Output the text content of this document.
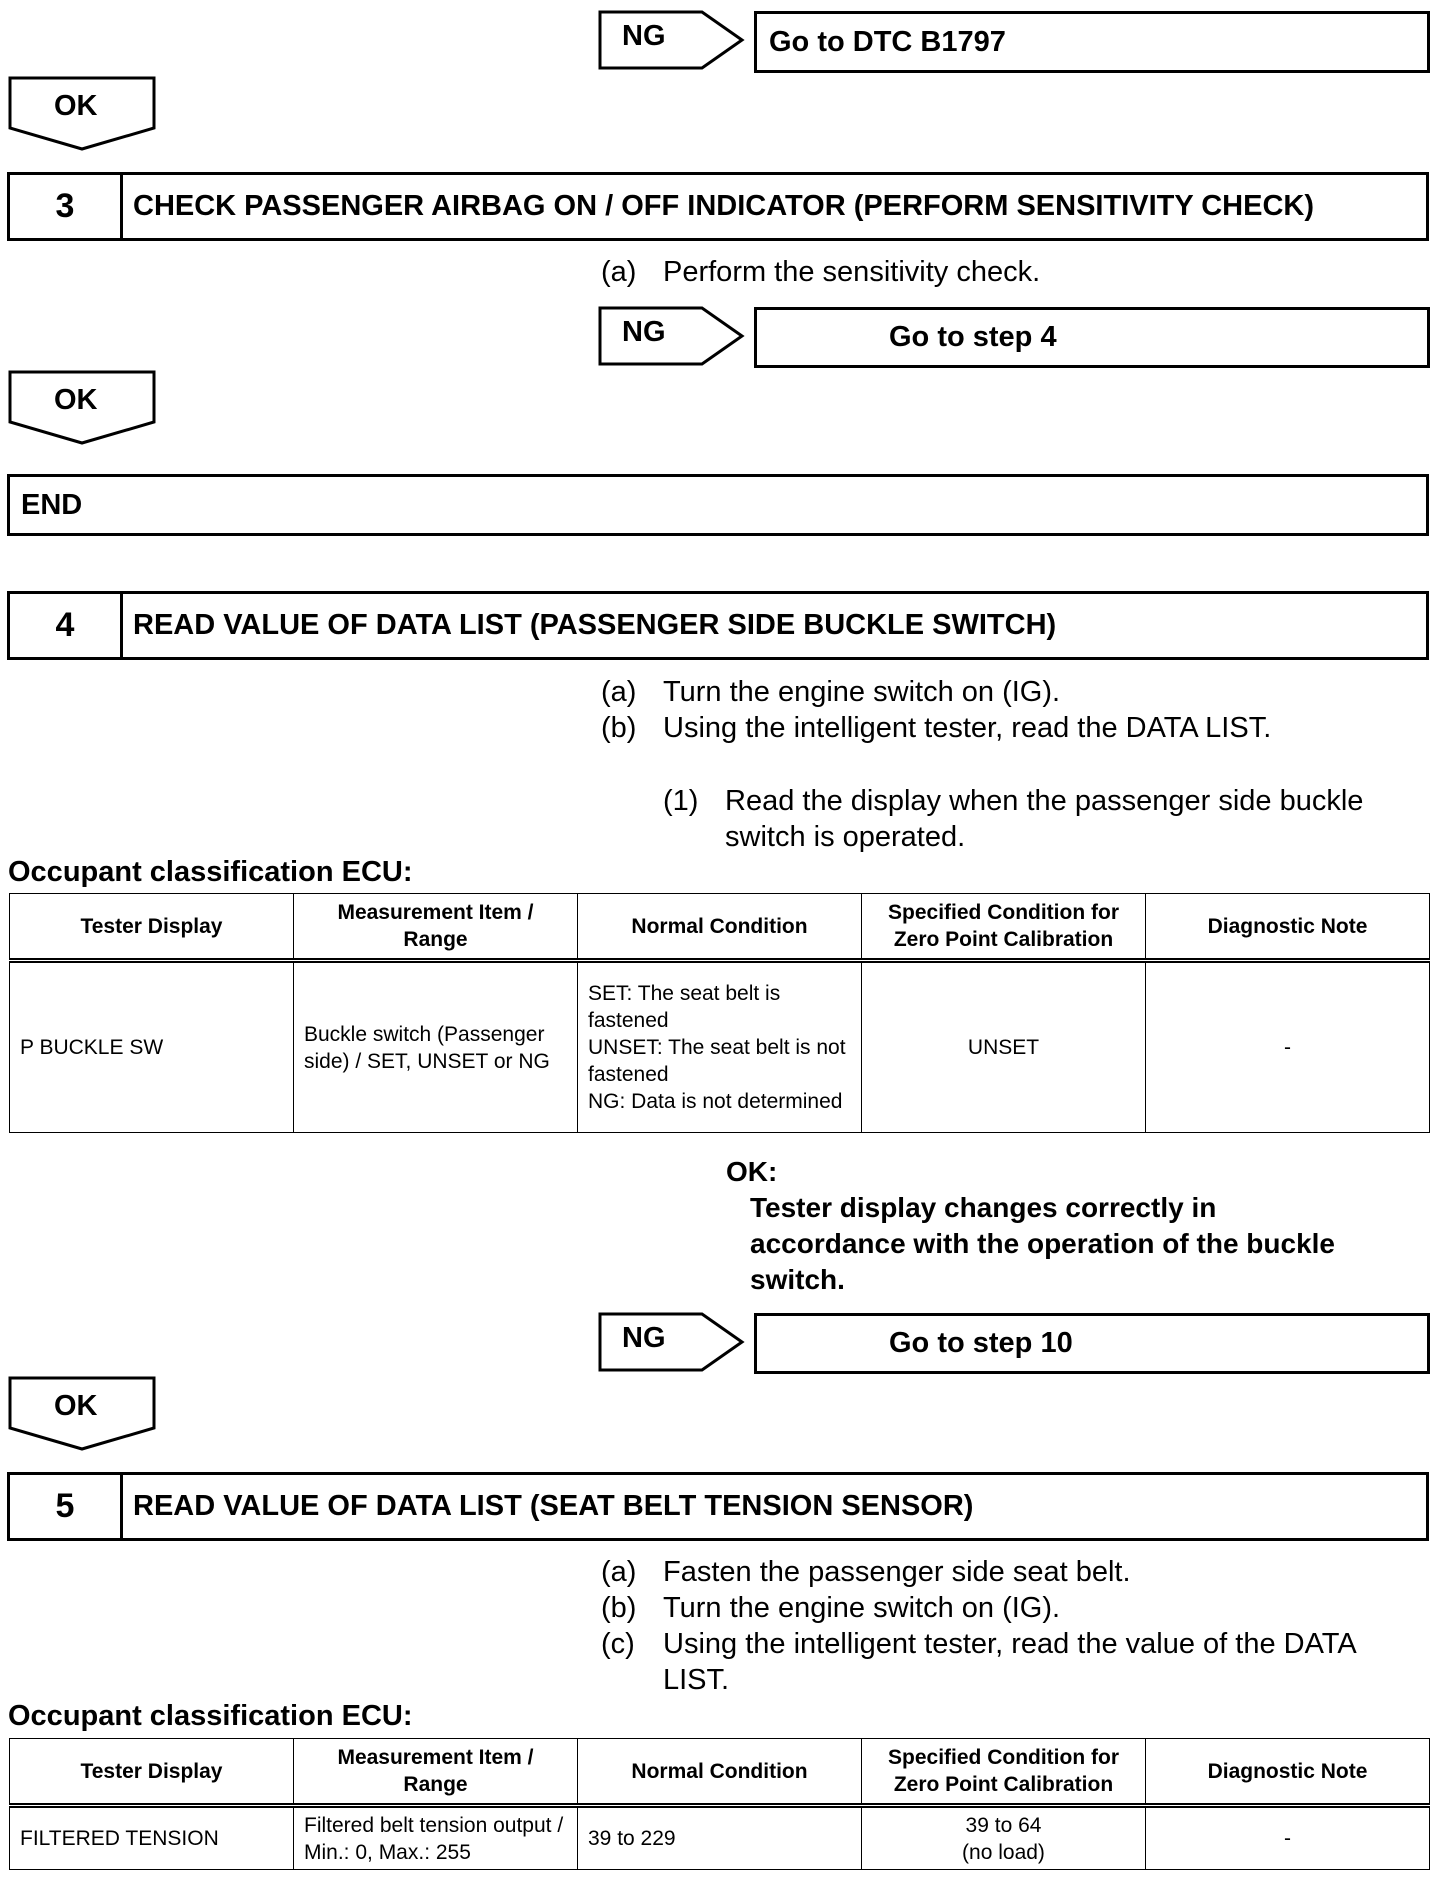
NG	Go to DTC B1797
OK
3	CHECK PASSENGER AIRBAG ON / OFF INDICATOR (PERFORM SENSITIVITY CHECK)
(a) Perform the sensitivity check.
NG	Go to step 4
OK
END
4	READ VALUE OF DATA LIST (PASSENGER SIDE BUCKLE SWITCH)
(a) Turn the engine switch on (IG).
(b) Using the intelligent tester, read the DATA LIST.
(1) Read the display when the passenger side buckle
switch is operated.
Occupant classification ECU:
Tester Display	Measurement Item / Range	Normal Condition	Specified Condition for Zero Point Calibration	Diagnostic Note
P BUCKLE SW	Buckle switch (Passenger side) / SET, UNSET or NG	SET: The seat belt is fastened
UNSET: The seat belt is not fastened
NG: Data is not determined	UNSET	-
OK:
Tester display changes correctly in
accordance with the operation of the buckle
switch.
NG	Go to step 10
OK
5	READ VALUE OF DATA LIST (SEAT BELT TENSION SENSOR)
(a) Fasten the passenger side seat belt.
(b) Turn the engine switch on (IG).
(c) Using the intelligent tester, read the value of the DATA
LIST.
Occupant classification ECU:
Tester Display	Measurement Item / Range	Normal Condition	Specified Condition for Zero Point Calibration	Diagnostic Note
FILTERED TENSION	Filtered belt tension output / Min.: 0, Max.: 255	39 to 229	39 to 64
(no load)	-
